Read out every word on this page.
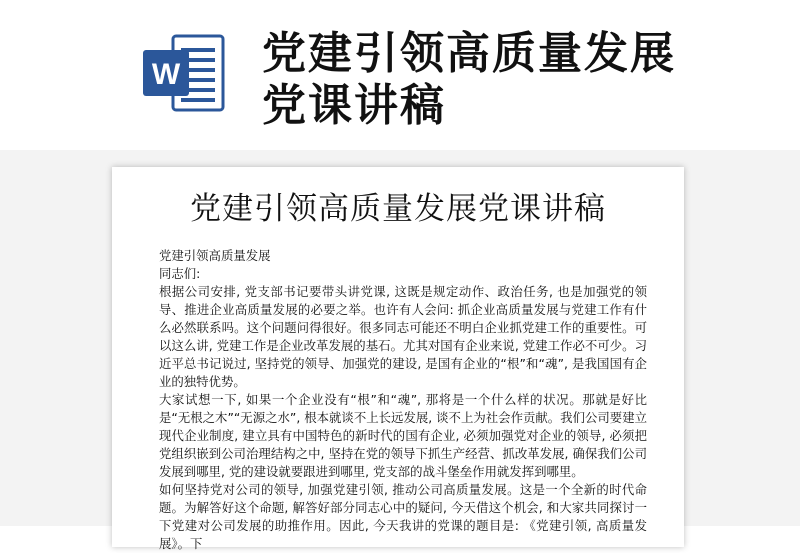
W 党建引领高质量发展
党课讲稿
党建引领高质量发展党课讲稿

党建引领高质量发展

同志们:

根据公司安排, 党支部书记要带头讲党课, 这既是规定动作、政治任务, 也是加强党的领导、推进企业高质量发展的必要之举。也许有人会问: 抓企业高质量发展与党建工作有什么必然联系吗。这个问题问得很好。很多同志可能还不明白企业抓党建工作的重要性。可以这么讲, 党建工作是企业改革发展的基石。尤其对国有企业来说, 党建工作必不可少。习近平总书记说过, 坚持党的领导、加强党的建设, 是国有企业的“根”和“魂”, 是我国国有企业的独特优势。

大家试想一下, 如果一个企业没有“根”和“魂”, 那将是一个什么样的状况。那就是好比是“无根之木”“无源之水”, 根本就谈不上长远发展, 谈不上为社会作贡献。我们公司要建立现代企业制度, 建立具有中国特色的新时代的国有企业, 必须加强党对企业的领导, 必须把党组织嵌到公司治理结构之中, 坚持在党的领导下抓生产经营、抓改革发展, 确保我们公司发展到哪里, 党的建设就要跟进到哪里, 党支部的战斗堡垒作用就发挥到哪里。

如何坚持党对公司的领导, 加强党建引领, 推动公司高质量发展。这是一个全新的时代命题。为解答好这个命题, 解答好部分同志心中的疑问, 今天借这个机会, 和大家共同探讨一下党建对公司发展的助推作用。因此, 今天我讲的党课的题目是: 《党建引领, 高质量发展》。下
